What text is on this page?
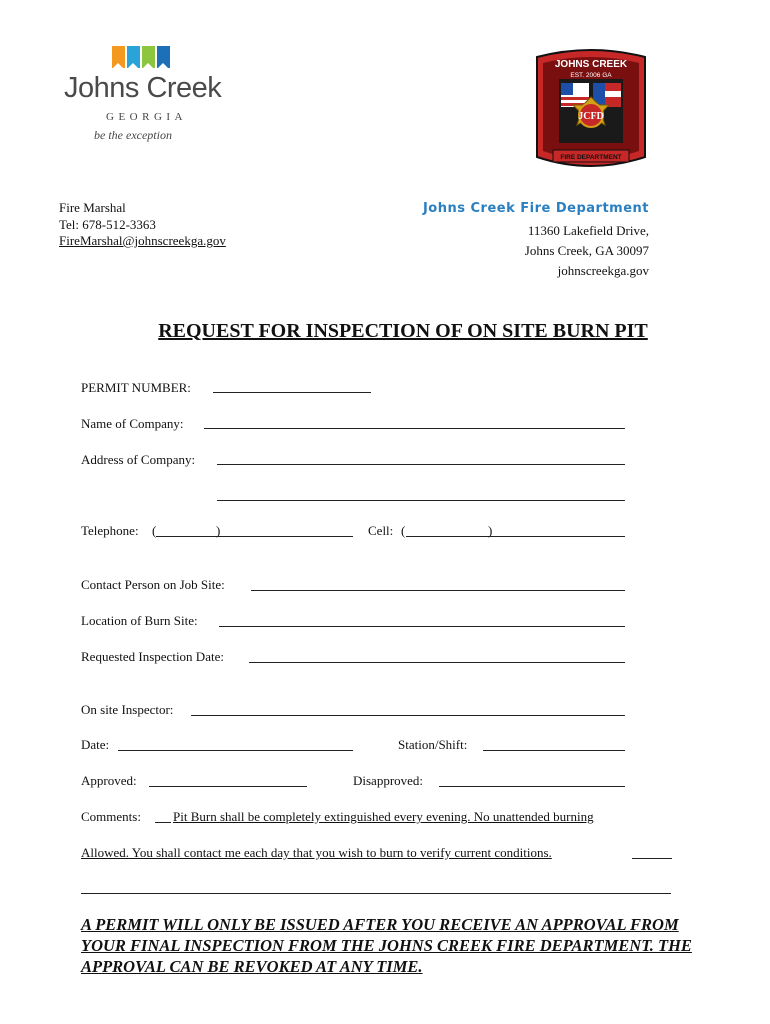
Johns Creek
GEORGIA
be the exception
JCFD
JOHNS CREEK
EST. 2006 GA
FIRE DEPARTMENT
Fire Marshal
Tel: 678-512-3363
FireMarshal@johnscreekga.gov
Johns Creek Fire Department
11360 Lakefield Drive,
Johns Creek, GA 30097
johnscreekga.gov
REQUEST FOR INSPECTION OF ON SITE BURN PIT
PERMIT NUMBER:
Name of Company:
Address of Company:
Telephone: (	)	Cell: (	)
Contact Person on Job Site:
Location of Burn Site:
Requested Inspection Date:
On site Inspector:
Date:	Station/Shift:
Approved:	Disapproved:
Comments: Pit Burn shall be completely extinguished every evening. No unattended burning
Allowed. You shall contact me each day that you wish to burn to verify current conditions.
A PERMIT WILL ONLY BE ISSUED AFTER YOU RECEIVE AN APPROVAL FROM YOUR FINAL INSPECTION FROM THE JOHNS CREEK FIRE DEPARTMENT. THE APPROVAL CAN BE REVOKED AT ANY TIME.
